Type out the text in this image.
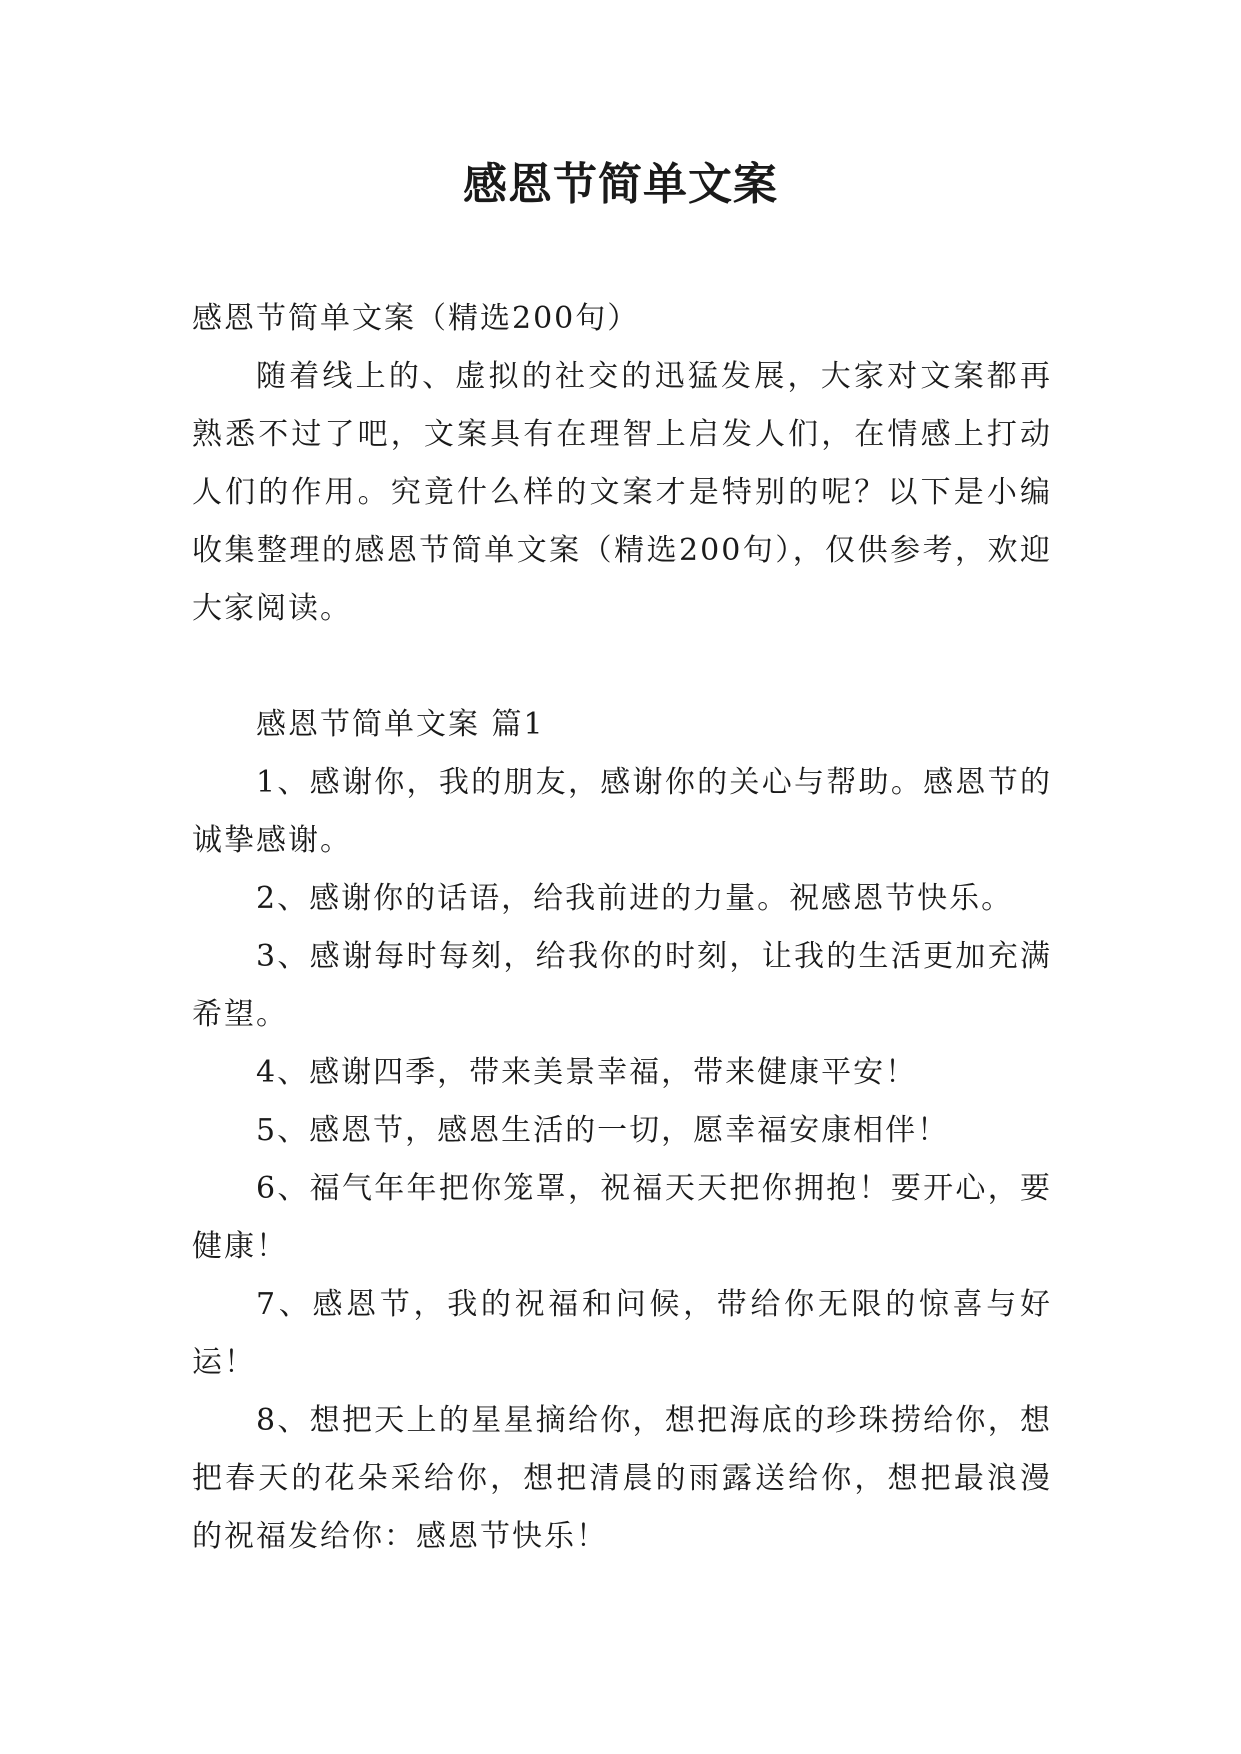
感恩节简单文案

感恩节简单文案（精选200句）

随着线上的、虚拟的社交的迅猛发展，大家对文案都再熟悉不过了吧，文案具有在理智上启发人们，在情感上打动人们的作用。究竟什么样的文案才是特别的呢？以下是小编收集整理的感恩节简单文案（精选200句），仅供参考，欢迎大家阅读。

感恩节简单文案 篇1

1、感谢你，我的朋友，感谢你的关心与帮助。感恩节的诚挚感谢。

2、感谢你的话语，给我前进的力量。祝感恩节快乐。

3、感谢每时每刻，给我你的时刻，让我的生活更加充满希望。

4、感谢四季，带来美景幸福，带来健康平安！

5、感恩节，感恩生活的一切，愿幸福安康相伴！

6、福气年年把你笼罩，祝福天天把你拥抱！要开心，要健康！

7、感恩节，我的祝福和问候，带给你无限的惊喜与好运！

8、想把天上的星星摘给你，想把海底的珍珠捞给你，想把春天的花朵采给你，想把清晨的雨露送给你，想把最浪漫的祝福发给你：感恩节快乐！
